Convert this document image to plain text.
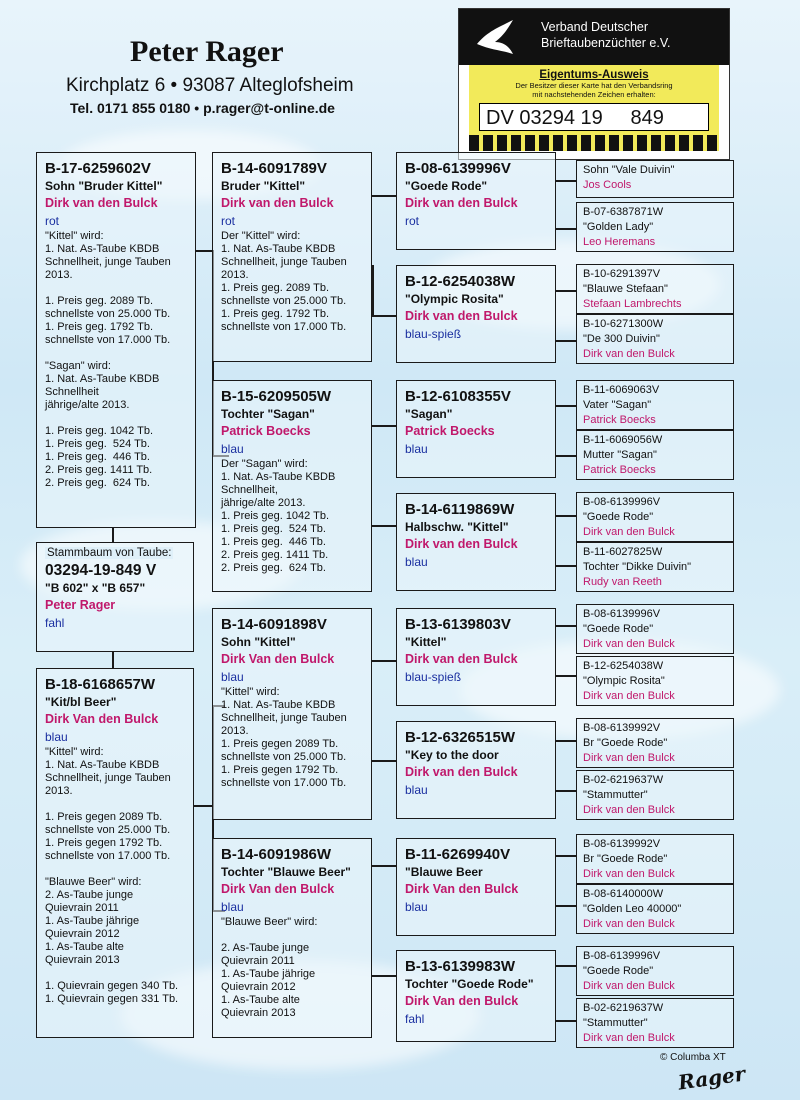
Peter Rager
Kirchplatz 6 • 93087 Alteglofsheim
Tel. 0171 855 0180 • p.rager@t-online.de
Verband Deutscher
Brieftaubenzüchter e.V.
Eigentums-Ausweis
Der Besitzer dieser Karte hat den Verbandsring
mit nachstehenden Zeichen erhalten:
DV 03294 19     849
B-17-6259602V
Sohn "Bruder Kittel"
Dirk van den Bulck
rot
"Kittel" wird:
1. Nat. As-Taube KBDB
Schnellheit, junge Tauben
2013.

1. Preis geg. 2089 Tb.
schnellste von 25.000 Tb.
1. Preis geg. 1792 Tb.
schnellste von 17.000 Tb.

"Sagan" wird:
1. Nat. As-Taube KBDB
Schnellheit
jährige/alte 2013.

1. Preis geg. 1042 Tb.
1. Preis geg.  524 Tb.
1. Preis geg.  446 Tb.
2. Preis geg. 1411 Tb.
2. Preis geg.  624 Tb.
Stammbaum von Taube:
03294-19-849 V
"B 602" x "B 657"
Peter Rager
fahl
B-18-6168657W
"Kit/bl Beer"
Dirk Van den Bulck
blau
"Kittel" wird:
1. Nat. As-Taube KBDB
Schnellheit, junge Tauben
2013.

1. Preis gegen 2089 Tb.
schnellste von 25.000 Tb.
1. Preis gegen 1792 Tb.
schnellste von 17.000 Tb.

"Blauwe Beer" wird:
2. As-Taube junge
Quievrain 2011
1. As-Taube jährige
Quievrain 2012
1. As-Taube alte
Quievrain 2013

1. Quievrain gegen 340 Tb.
1. Quievrain gegen 331 Tb.
B-14-6091789V
Bruder "Kittel"
Dirk van den Bulck
rot
Der "Kittel" wird:
1. Nat. As-Taube KBDB
Schnellheit, junge Tauben
2013.
1. Preis geg. 2089 Tb.
schnellste von 25.000 Tb.
1. Preis geg. 1792 Tb.
schnellste von 17.000 Tb.
B-15-6209505W
Tochter "Sagan"
Patrick Boecks
blau
Der "Sagan" wird:
1. Nat. As-Taube KBDB
Schnellheit,
jährige/alte 2013.
1. Preis geg. 1042 Tb.
1. Preis geg.  524 Tb.
1. Preis geg.  446 Tb.
2. Preis geg. 1411 Tb.
2. Preis geg.  624 Tb.
B-14-6091898V
Sohn "Kittel"
Dirk Van den Bulck
blau
"Kittel" wird:
1. Nat. As-Taube KBDB
Schnellheit, junge Tauben
2013.
1. Preis gegen 2089 Tb.
schnellste von 25.000 Tb.
1. Preis gegen 1792 Tb.
schnellste von 17.000 Tb.
B-14-6091986W
Tochter "Blauwe Beer"
Dirk Van den Bulck
blau
"Blauwe Beer" wird:

2. As-Taube junge
Quievrain 2011
1. As-Taube jährige
Quievrain 2012
1. As-Taube alte
Quievrain 2013
B-08-6139996V
"Goede Rode"
Dirk van den Bulck
rot
B-12-6254038W
"Olympic Rosita"
Dirk van den Bulck
blau-spieß
B-12-6108355V
"Sagan"
Patrick Boecks
blau
B-14-6119869W
Halbschw. "Kittel"
Dirk van den Bulck
blau
B-13-6139803V
"Kittel"
Dirk van den Bulck
blau-spieß
B-12-6326515W
"Key to the door
Dirk van den Bulck
blau
B-11-6269940V
"Blauwe Beer
Dirk Van den Bulck
blau
B-13-6139983W
Tochter "Goede Rode"
Dirk Van den Bulck
fahl
Sohn "Vale Duivin"
Jos Cools
B-07-6387871W
"Golden Lady"
Leo Heremans
B-10-6291397V
"Blauwe Stefaan"
Stefaan Lambrechts
B-10-6271300W
"De 300 Duivin"
Dirk van den Bulck
B-11-6069063V
Vater "Sagan"
Patrick Boecks
B-11-6069056W
Mutter "Sagan"
Patrick Boecks
B-08-6139996V
"Goede Rode"
Dirk van den Bulck
B-11-6027825W
Tochter "Dikke Duivin"
Rudy van Reeth
B-08-6139996V
"Goede Rode"
Dirk van den Bulck
B-12-6254038W
"Olympic Rosita"
Dirk van den Bulck
B-08-6139992V
Br "Goede Rode"
Dirk van den Bulck
B-02-6219637W
"Stammutter"
Dirk van den Bulck
B-08-6139992V
Br "Goede Rode"
Dirk van den Bulck
B-08-6140000W
"Golden Leo 40000"
Dirk van den Bulck
B-08-6139996V
"Goede Rode"
Dirk van den Bulck
B-02-6219637W
"Stammutter"
Dirk van den Bulck
© Columba XT
Rager
